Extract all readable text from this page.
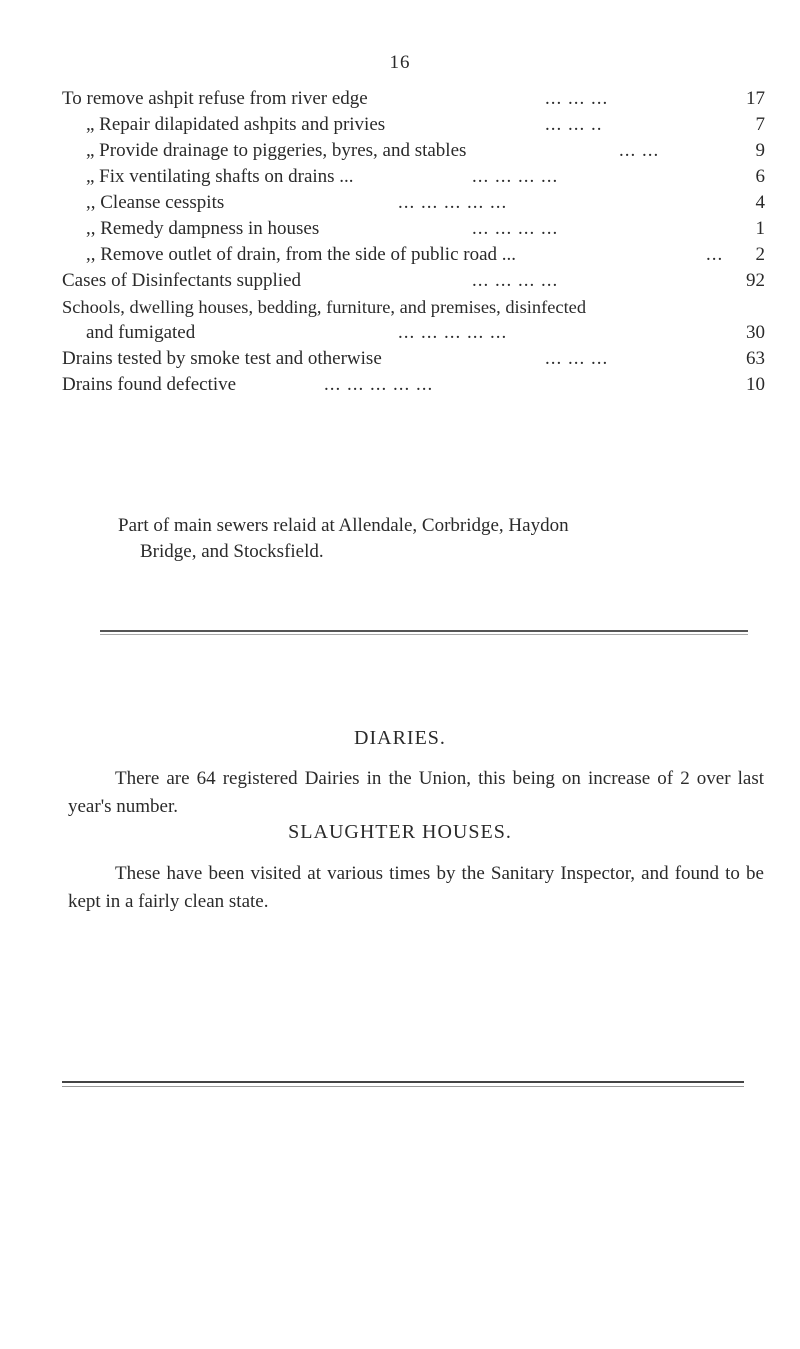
16
To remove ashpit refuse from river edge	... ... ...	17
„ Repair dilapidated ashpits and privies	... ... ..	7
„ Provide drainage to piggeries, byres, and stables	... ...	9
„ Fix ventilating shafts on drains ...	... ... ... ...	6
,, Cleanse cesspits	... ... ... ... ...	4
,, Remedy dampness in houses	... ... ... ...	1
,, Remove outlet of drain, from the side of public road ...	... 2
Cases of Disinfectants supplied	... ... ... ...	92
Schools, dwelling houses, bedding, furniture, and premises, disinfected
and fumigated	... ... ... ... ...	30
Drains tested by smoke test and otherwise	... ... ...	63
Drains found defective	... ... ... ... ...	10
Part of main sewers relaid at Allendale, Corbridge, Haydon
Bridge, and Stocksfield.
DIARIES.
There are 64 registered Dairies in the Union, this being on increase of 2 over last year's number.
SLAUGHTER HOUSES.
These have been visited at various times by the Sanitary Inspector, and found to be kept in a fairly clean state.
